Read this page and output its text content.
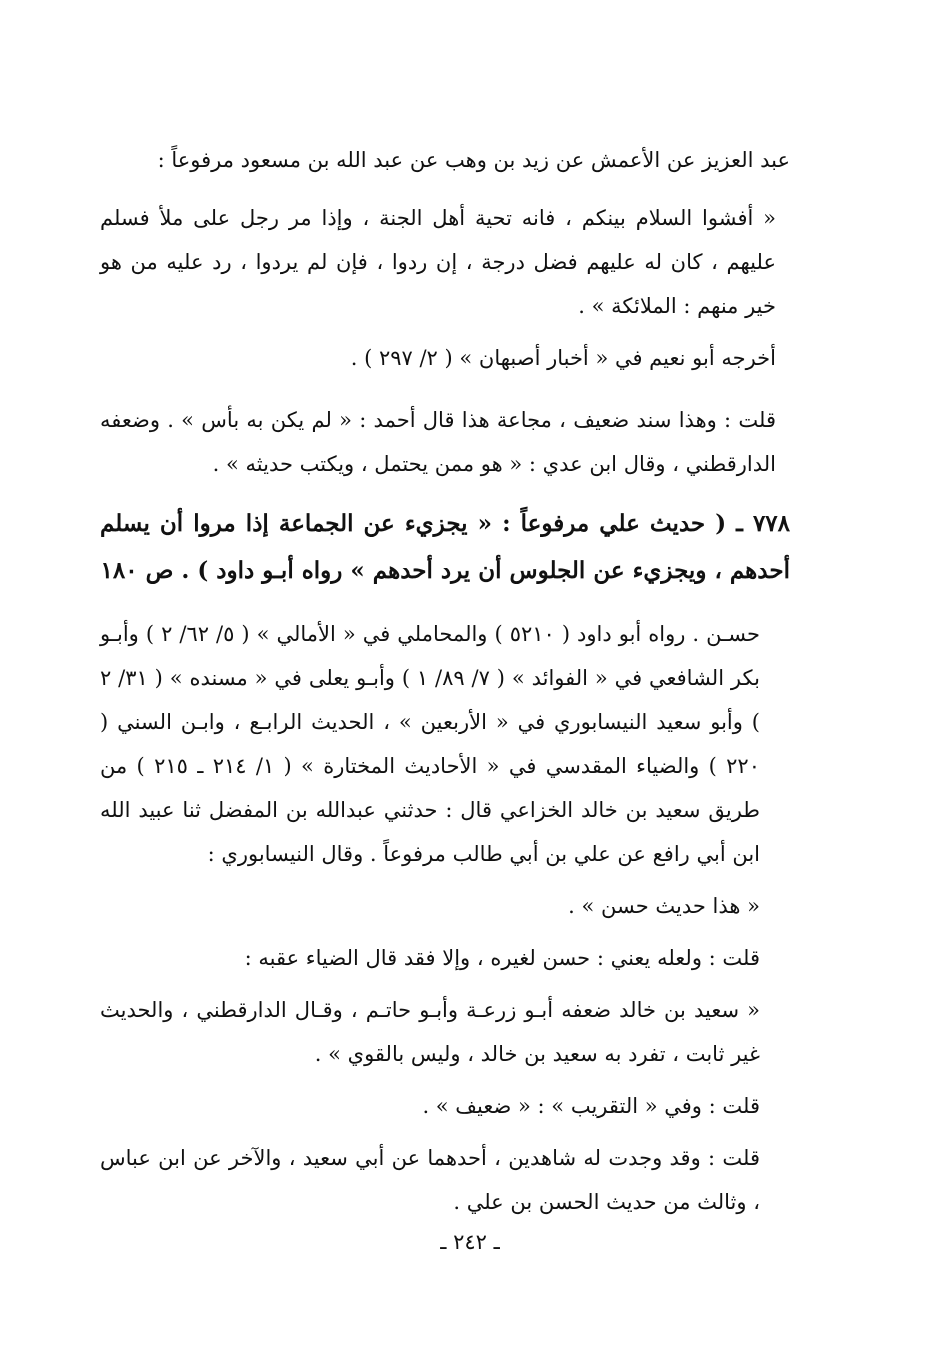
عبد العزيز عن الأعمش عن زيد بن وهب عن عبد الله بن مسعود مرفوعاً :

« أفشوا السلام بينكم ، فانه تحية أهل الجنة ، وإذا مر رجل على ملأ فسلم عليهم ، كان له عليهم فضل درجة ، إن ردوا ، فإن لم يردوا ، رد عليه من هو خير منهم : الملائكة » .

أخرجه أبو نعيم في « أخبار أصبهان » ( ٢/ ٢٩٧ ) .

قلت : وهذا سند ضعيف ، مجاعة هذا قال أحمد : « لم يكن به بأس » . وضعفه الدارقطني ، وقال ابن عدي : « هو ممن يحتمل ، ويكتب حديثه » .

٧٧٨ ـ ( حديث علي مرفوعاً : « يجزيء عن الجماعة إذا مروا أن يسلم أحدهم ، ويجزيء عن الجلوس أن يرد أحدهم » رواه أبـو داود ) . ص ١٨٠

حسـن . رواه أبو داود ( ٥٢١٠ ) والمحاملي في « الأمالي » ( ٥/ ٦٢/ ٢ ) وأبـو بكر الشافعي في « الفوائد » ( ٧/ ٨٩/ ١ ) وأبـو يعلى في « مسنده » ( ٣١/ ٢ ) وأبو سعيد النيسابوري في « الأربعين » ، الحديث الرابـع ، وابـن السني ( ٢٢٠ ) والضياء المقدسي في « الأحاديث المختارة » ( ١/ ٢١٤ ـ ٢١٥ ) من طريق سعيد بن خالد الخزاعي قال : حدثني عبدالله بن المفضل ثنا عبيد الله ابن أبي رافع عن علي بن أبي طالب مرفوعاً . وقال النيسابوري :

« هذا حديث حسن » .

قلت : ولعله يعني : حسن لغيره ، وإلا فقد قال الضياء عقبه :

« سعيد بن خالد ضعفه أبـو زرعـة وأبـو حاتـم ، وقـال الدارقطني ، والحديث غير ثابت ، تفرد به سعيد بن خالد ، وليس بالقوي » .

قلت : وفي « التقريب » : « ضعيف » .

قلت : وقد وجدت له شاهدين ، أحدهما عن أبي سعيد ، والآخر عن ابن عباس ، وثالث من حديث الحسن بن علي .

ـ ٢٤٢ ـ
